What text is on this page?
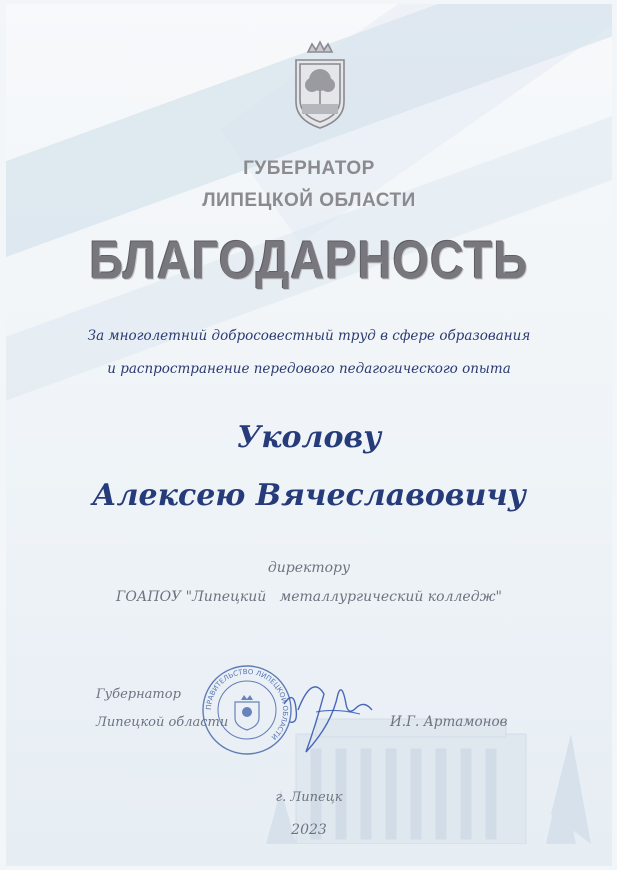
ГУБЕРНАТОР
ЛИПЕЦКОЙ ОБЛАСТИ
БЛАГОДАРНОСТЬ
За многолетний добросовестный труд в сфере образования
и распространение передового педагогического опыта
Уколову
Алексею Вячеславовичу
директору
ГОАПОУ "Липецкий   металлургический колледж"
Губернатор
Липецкой области
ПРАВИТЕЛЬСТВО ЛИПЕЦКОЙ ОБЛАСТИ
И.Г. Артамонов
г. Липецк
2023
